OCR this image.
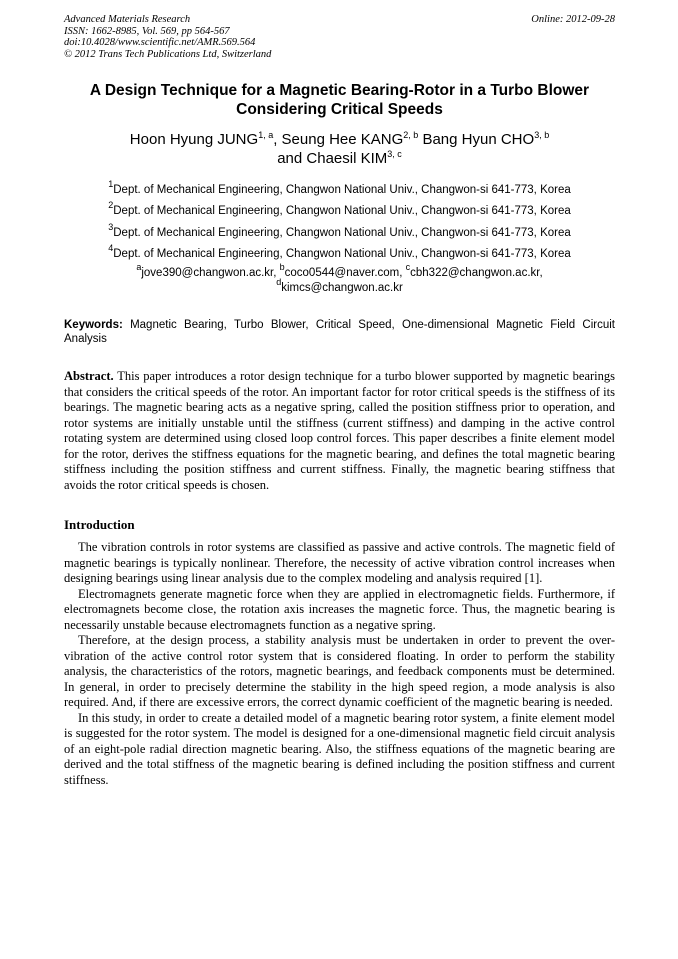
Advanced Materials Research
ISSN: 1662-8985, Vol. 569, pp 564-567
doi:10.4028/www.scientific.net/AMR.569.564
© 2012 Trans Tech Publications Ltd, Switzerland
Online: 2012-09-28
A Design Technique for a Magnetic Bearing-Rotor in a Turbo Blower Considering Critical Speeds
Hoon Hyung JUNG$^{1, a}$, Seung Hee KANG$^{2, b}$ Bang Hyun CHO$^{3, b}$
and Chaesil KIM$^{3, c}$
$^1$Dept. of Mechanical Engineering, Changwon National Univ., Changwon-si 641-773, Korea
$^2$Dept. of Mechanical Engineering, Changwon National Univ., Changwon-si 641-773, Korea
$^3$Dept. of Mechanical Engineering, Changwon National Univ., Changwon-si 641-773, Korea
$^4$Dept. of Mechanical Engineering, Changwon National Univ., Changwon-si 641-773, Korea
$^a$jove390@changwon.ac.kr, $^b$coco0544@naver.com, $^c$cbh322@changwon.ac.kr,
$^d$kimcs@changwon.ac.kr
Keywords: Magnetic Bearing, Turbo Blower, Critical Speed, One-dimensional Magnetic Field Circuit Analysis
Abstract. This paper introduces a rotor design technique for a turbo blower supported by magnetic bearings that considers the critical speeds of the rotor. An important factor for rotor critical speeds is the stiffness of its bearings. The magnetic bearing acts as a negative spring, called the position stiffness prior to operation, and rotor systems are initially unstable until the stiffness (current stiffness) and damping in the active control rotating system are determined using closed loop control forces. This paper describes a finite element model for the rotor, derives the stiffness equations for the magnetic bearing, and defines the total magnetic bearing stiffness including the position stiffness and current stiffness. Finally, the magnetic bearing stiffness that avoids the rotor critical speeds is chosen.
Introduction

The vibration controls in rotor systems are classified as passive and active controls. The magnetic field of magnetic bearings is typically nonlinear. Therefore, the necessity of active vibration control increases when designing bearings using linear analysis due to the complex modeling and analysis required [1].

Electromagnets generate magnetic force when they are applied in electromagnetic fields. Furthermore, if electromagnets become close, the rotation axis increases the magnetic force. Thus, the magnetic bearing is necessarily unstable because electromagnets function as a negative spring.

Therefore, at the design process, a stability analysis must be undertaken in order to prevent the over-vibration of the active control rotor system that is considered floating. In order to perform the stability analysis, the characteristics of the rotors, magnetic bearings, and feedback components must be determined. In general, in order to precisely determine the stability in the high speed region, a mode analysis is also required. And, if there are excessive errors, the correct dynamic coefficient of the magnetic bearing is needed.

In this study, in order to create a detailed model of a magnetic bearing rotor system, a finite element model is suggested for the rotor system. The model is designed for a one-dimensional magnetic field circuit analysis of an eight-pole radial direction magnetic bearing. Also, the stiffness equations of the magnetic bearing are derived and the total stiffness of the magnetic bearing is defined including the position stiffness and current stiffness.
